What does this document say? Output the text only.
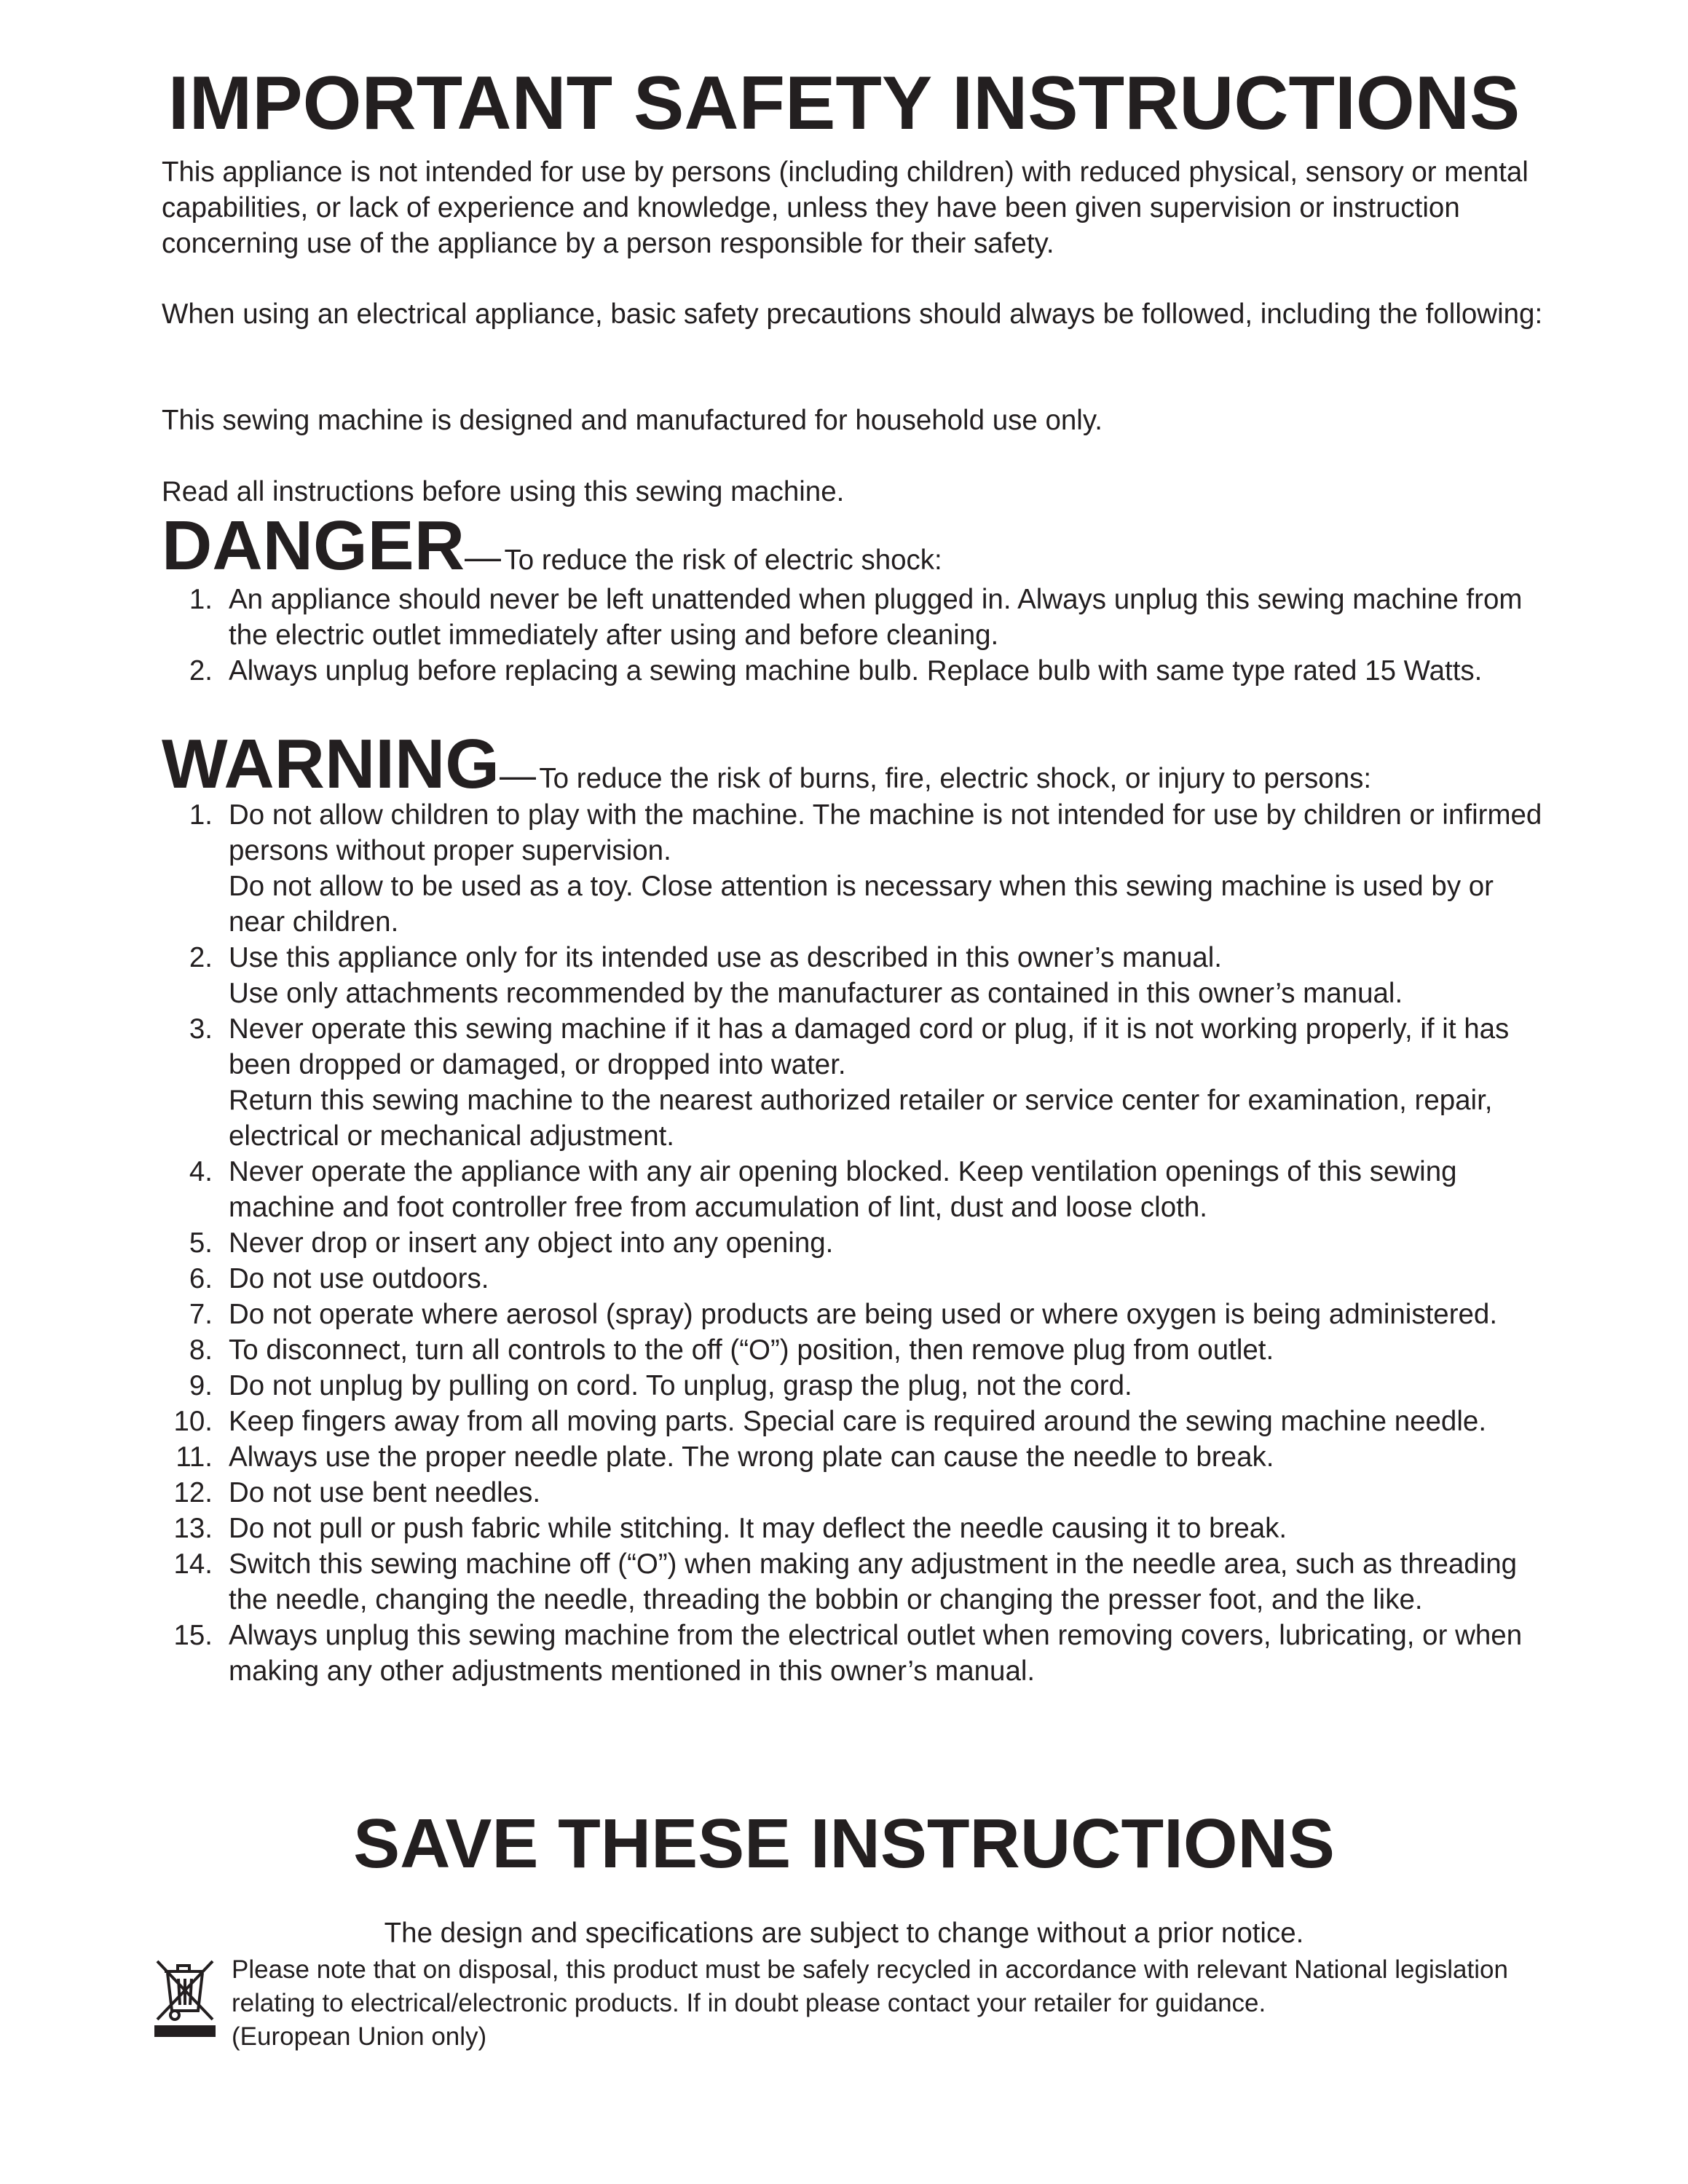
IMPORTANT SAFETY INSTRUCTIONS

This appliance is not intended for use by persons (including children) with reduced physical, sensory or mental capabilities, or lack of experience and knowledge, unless they have been given supervision or instruction concerning use of the appliance by a person responsible for their safety.

When using an electrical appliance, basic safety precautions should always be followed, including the following:

This sewing machine is designed and manufactured for household use only.

Read all instructions before using this sewing machine.

DANGER— To reduce the risk of electric shock:
1. An appliance should never be left unattended when plugged in. Always unplug this sewing machine from the electric outlet immediately after using and before cleaning.
2. Always unplug before replacing a sewing machine bulb. Replace bulb with same type rated 15 Watts.
WARNING— To reduce the risk of burns, fire, electric shock, or injury to persons:
1. Do not allow children to play with the machine. The machine is not intended for use by children or infirmed persons without proper supervision.
Do not allow to be used as a toy. Close attention is necessary when this sewing machine is used by or near children.
2. Use this appliance only for its intended use as described in this owner’s manual.
Use only attachments recommended by the manufacturer as contained in this owner’s manual.
3. Never operate this sewing machine if it has a damaged cord or plug, if it is not working properly, if it has been dropped or damaged, or dropped into water.
Return this sewing machine to the nearest authorized retailer or service center for examination, repair, electrical or mechanical adjustment.
4. Never operate the appliance with any air opening blocked. Keep ventilation openings of this sewing machine and foot controller free from accumulation of lint, dust and loose cloth.
5. Never drop or insert any object into any opening.
6. Do not use outdoors.
7. Do not operate where aerosol (spray) products are being used or where oxygen is being administered.
8. To disconnect, turn all controls to the off (“O”) position, then remove plug from outlet.
9. Do not unplug by pulling on cord. To unplug, grasp the plug, not the cord.
10. Keep fingers away from all moving parts. Special care is required around the sewing machine needle.
11. Always use the proper needle plate. The wrong plate can cause the needle to break.
12. Do not use bent needles.
13. Do not pull or push fabric while stitching. It may deflect the needle causing it to break.
14. Switch this sewing machine off (“O”) when making any adjustment in the needle area, such as threading the needle, changing the needle, threading the bobbin or changing the presser foot, and the like.
15. Always unplug this sewing machine from the electrical outlet when removing covers, lubricating, or when making any other adjustments mentioned in this owner’s manual.
SAVE THESE INSTRUCTIONS

The design and specifications are subject to change without a prior notice.

Please note that on disposal, this product must be safely recycled in accordance with relevant National legislation relating to electrical/electronic products. If in doubt please contact your retailer for guidance.
(European Union only)
